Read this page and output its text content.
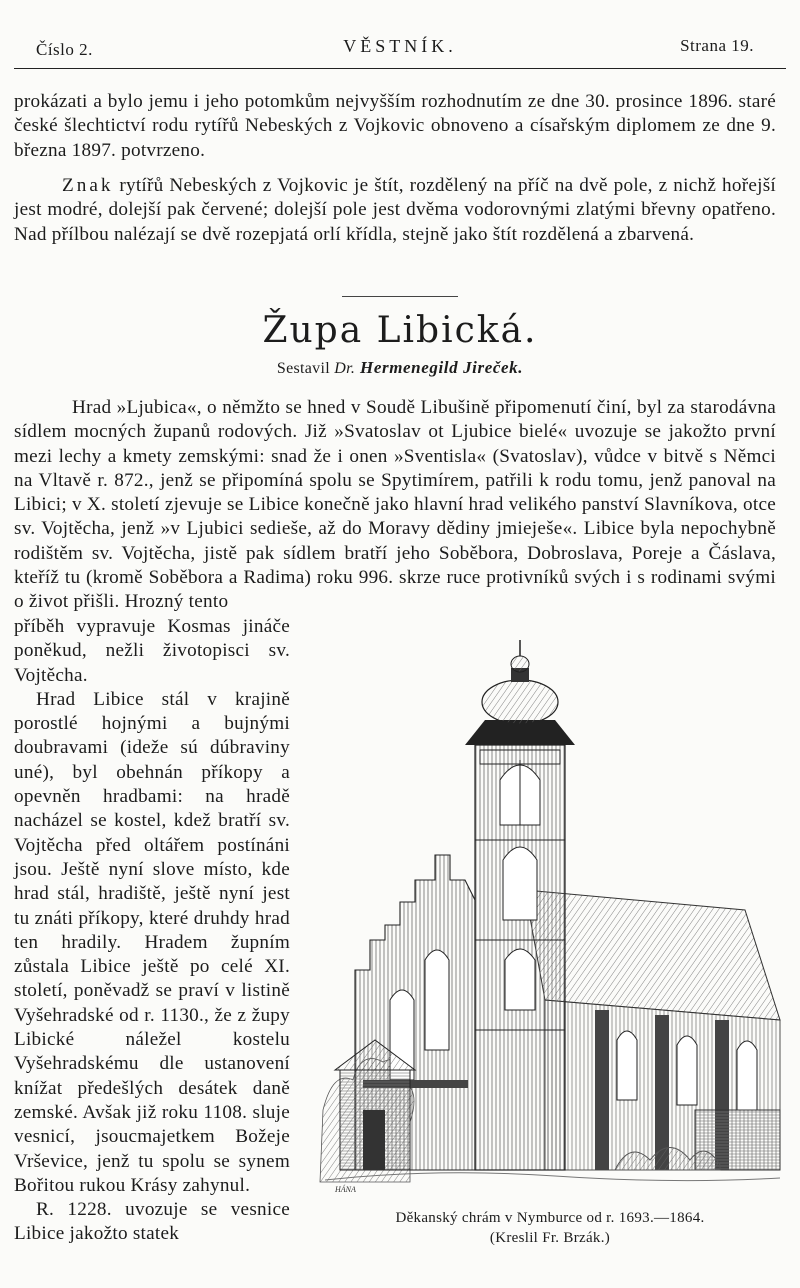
Číslo 2.	VĚSTNÍK.	Strana 19.

prokázati a bylo jemu i jeho potomkům nejvyšším rozhodnutím ze dne 30. prosince 1896. staré české šlechtictví rodu rytířů Nebeských z Vojkovic obnoveno a císařským diplomem ze dne 9. března 1897. potvrzeno.

Znak rytířů Nebeských z Vojkovic je štít, rozdělený na příč na dvě pole, z nichž hořejší jest modré, dolejší pak červené; dolejší pole jest dvěma vodorovnými zlatými břevny opatřeno. Nad přílbou nalézají se dvě rozepjatá orlí křídla, stejně jako štít rozdělená a zbarvená.

Župa Libická.
Sestavil Dr. Hermenegild Jireček.

Hrad »Ljubica«, o němžto se hned v Soudě Libušině připomenutí činí, byl za starodávna sídlem mocných županů rodových. Již »Svatoslav ot Ljubice bielé« uvozuje se jakožto první mezi lechy a kmety zemskými: snad že i onen »Sventisla« (Svatoslav), vůdce v bitvě s Němci na Vltavě r. 872., jenž se připomíná spolu se Spytimírem, patřili k rodu tomu, jenž panoval na Libici; v X. století zjevuje se Libice konečně jako hlavní hrad velikého panství Slavníkova, otce sv. Vojtěcha, jenž »v Ljubici sedieše, až do Moravy dědiny jmieješe«. Libice byla nepochybně rodištěm sv. Vojtěcha, jistě pak sídlem bratří jeho Soběbora, Dobroslava, Poreje a Čáslava, kteříž tu (kromě Soběbora a Radima) roku 996. skrze ruce protivníků svých i s rodinami svými o život přišli. Hrozný tento

příběh vypravuje Kosmas jináče poněkud, nežli životopisci sv. Vojtěcha.

Hrad Libice stál v krajině porostlé hojnými a bujnými doubravami (ideže sú dúbraviny uné), byl obehnán příkopy a opevněn hradbami: na hradě nacházel se kostel, kdež bratří sv. Vojtěcha před oltářem postínáni jsou. Ještě nyní slove místo, kde hrad stál, hradiště, ještě nyní jest tu znáti příkopy, které druhdy hrad ten hradily. Hradem župním zůstala Libice ještě po celé XI. století, poněvadž se praví v listině Vyšehradské od r. 1130., že z župy Libické náležel kostelu Vyšehradskému dle ustanovení knížat předešlých desátek daně zemské. Avšak již roku 1108. sluje vesnicí, jsoucmajetkem Božeje Vrševice, jenž tu spolu se synem Bořitou rukou Krásy zahynul.

R. 1228. uvozuje se vesnice Libice jakožto statek

HÁNA
Děkanský chrám v Nymburce od r. 1693.—1864.
(Kreslil Fr. Brzák.)
